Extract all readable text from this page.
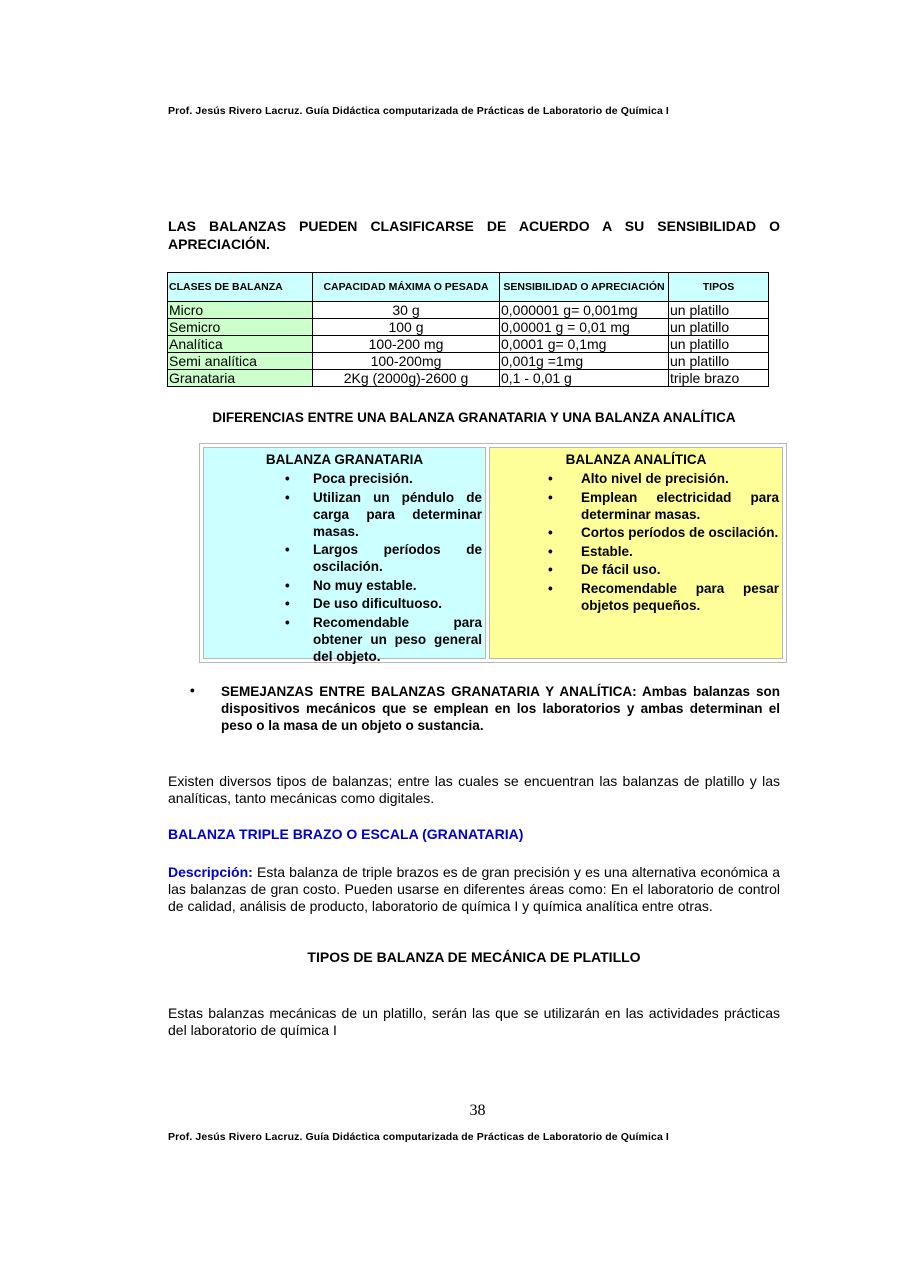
Prof. Jesús Rivero Lacruz. Guía Didáctica computarizada de Prácticas de Laboratorio de Química I
LAS BALANZAS PUEDEN CLASIFICARSE DE ACUERDO A SU SENSIBILIDAD O APRECIACIÓN.
CLASES DE BALANZA	CAPACIDAD MÁXIMA O PESADA	SENSIBILIDAD O APRECIACIÓN	TIPOS
Micro	30 g	0,000001 g= 0,001mg	un platillo
Semicro	100 g	0,00001 g = 0,01 mg	un platillo
Analítica	100-200 mg	0,0001 g= 0,1mg	un platillo
Semi analítica	100-200mg	0,001g =1mg	un platillo
Granataria	2Kg (2000g)-2600 g	0,1 - 0,01 g	triple brazo
DIFERENCIAS ENTRE UNA BALANZA GRANATARIA Y UNA BALANZA ANALÍTICA
BALANZA GRANATARIA
• Poca precisión.
• Utilizan un péndulo de carga para determinar masas.
• Largos períodos de oscilación.
• No muy estable.
• De uso dificultuoso.
• Recomendable para obtener un peso general del objeto.
BALANZA ANALÍTICA
• Alto nivel de precisión.
• Emplean electricidad para determinar masas.
• Cortos períodos de oscilación.
• Estable.
• De fácil uso.
• Recomendable para pesar objetos pequeños.
• SEMEJANZAS ENTRE BALANZAS GRANATARIA Y ANALÍTICA: Ambas balanzas son dispositivos mecánicos que se emplean en los laboratorios y ambas determinan el peso o la masa de un objeto o sustancia.

Existen diversos tipos de balanzas; entre las cuales se encuentran las balanzas de platillo y las analíticas, tanto mecánicas como digitales.

BALANZA TRIPLE BRAZO O ESCALA (GRANATARIA)

Descripción: Esta balanza de triple brazos es de gran precisión y es una alternativa económica a las balanzas de gran costo. Pueden usarse en diferentes áreas como: En el laboratorio de control de calidad, análisis de producto, laboratorio de química I y química analítica entre otras.

TIPOS DE BALANZA DE MECÁNICA DE PLATILLO

Estas balanzas mecánicas de un platillo, serán las que se utilizarán en las actividades prácticas del laboratorio de química I

38
Prof. Jesús Rivero Lacruz. Guía Didáctica computarizada de Prácticas de Laboratorio de Química I
